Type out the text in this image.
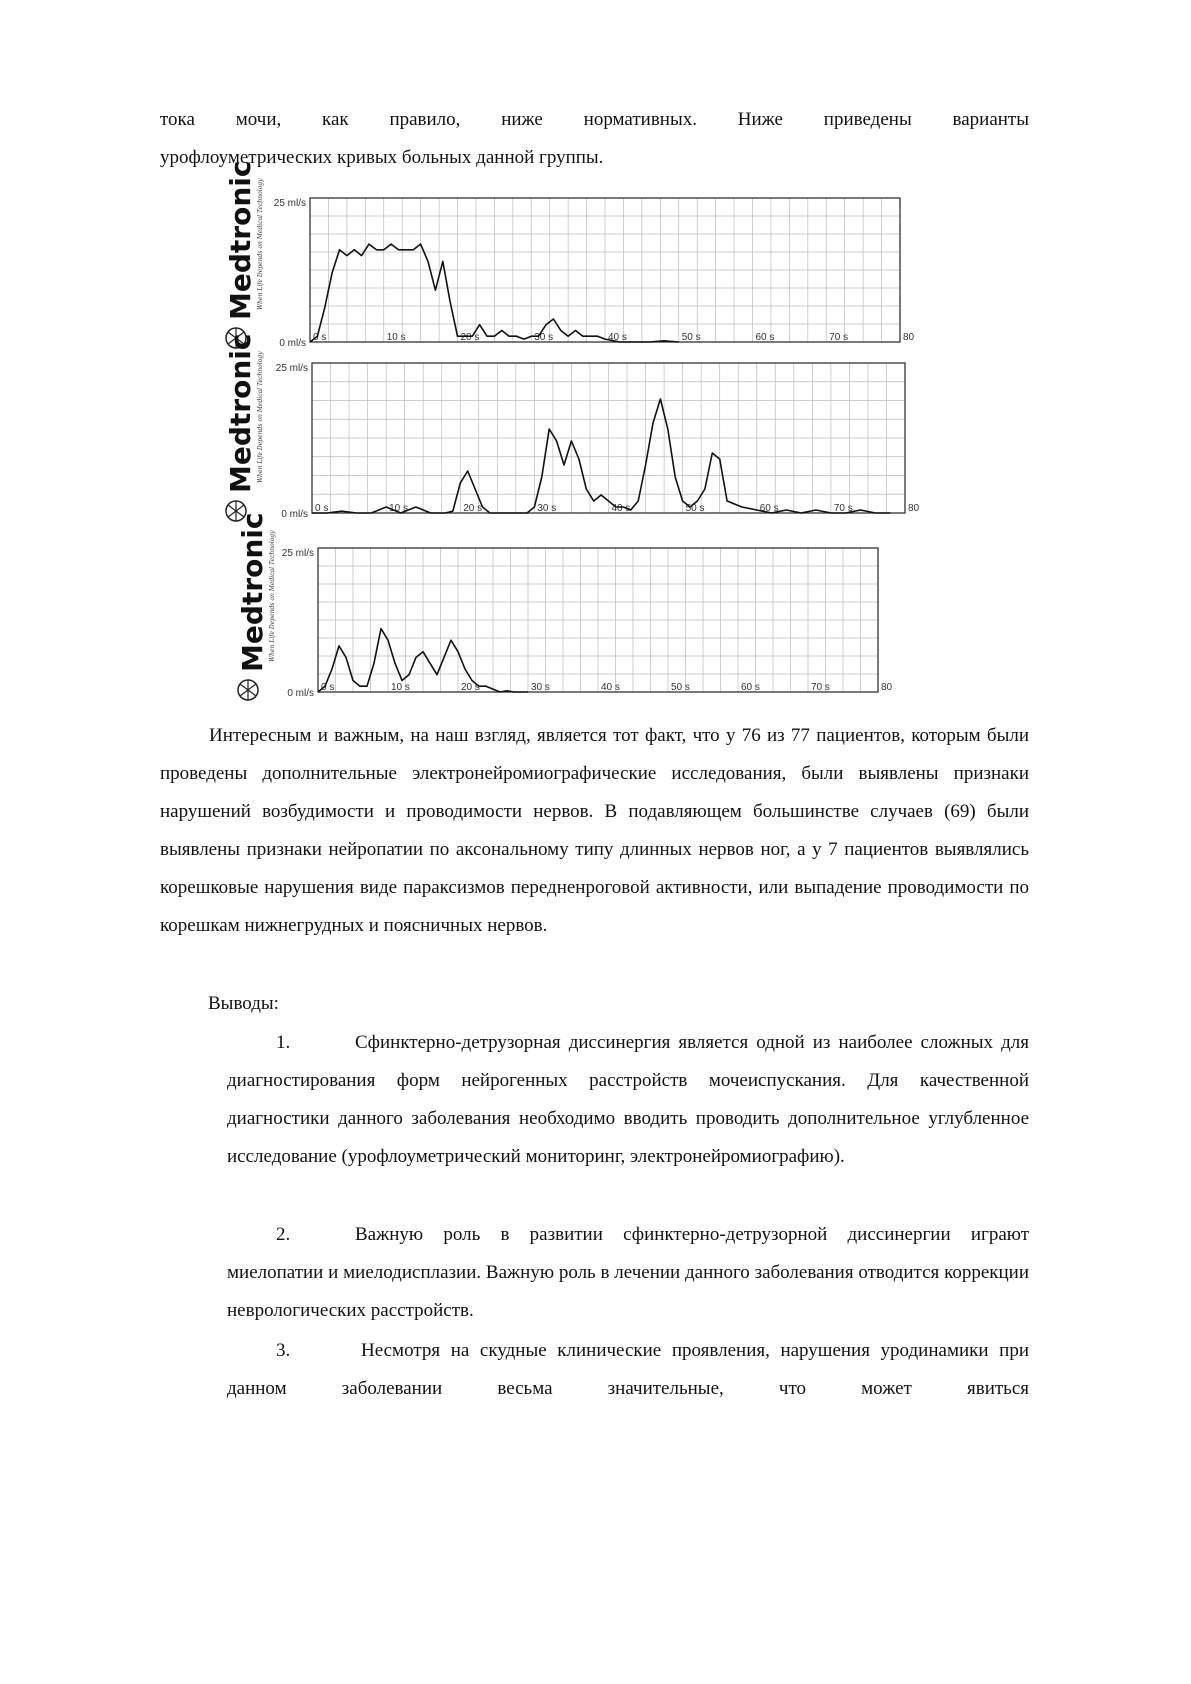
тока мочи, как правило, ниже нормативных. Ниже приведены варианты
урофлоуметрических кривых больных данной группы.
Medtronic When Life Depends on Medical Technology 25 ml/s
0 ml/s
0 s	10 s	20 s	30 s	40 s	50 s	60 s	70 s	80
Medtronic When Life Depends on Medical Technology 25 ml/s
0 ml/s
0 s	10 s	20 s	30 s	40 s	50 s	60 s	70 s	80
Medtronic When Life Depends on Medical Technology 25 ml/s
0 ml/s
0 s	10 s	20 s	30 s	40 s	50 s	60 s	70 s	80
Интересным и важным, на наш взгляд, является тот факт, что у 76 из 77 пациентов, которым были проведены дополнительные электронейромиографические исследования, были выявлены признаки нарушений возбудимости и проводимости нервов. В подавляющем большинстве случаев (69) были выявлены признаки нейропатии по аксональному типу длинных нервов ног, а у 7 пациентов выявлялись корешковые нарушения виде параксизмов передненроговой активности, или выпадение проводимости по корешкам нижнегрудных и поясничных нервов.
Выводы:
1.	Сфинктерно-детрузорная диссинергия является одной из наиболее сложных для диагностирования форм нейрогенных расстройств мочеиспускания. Для качественной диагностики данного заболевания необходимо вводить проводить дополнительное углубленное исследование (урофлоуметрический мониторинг, электронейромиографию).
2.	Важную роль в развитии сфинктерно-детрузорной диссинергии играют миелопатии и миелодисплазии. Важную роль в лечении данного заболевания отводится коррекции неврологических расстройств.
3.	Несмотря на скудные клинические проявления, нарушения уродинамики при данном заболевании весьма значительные, что может явиться
